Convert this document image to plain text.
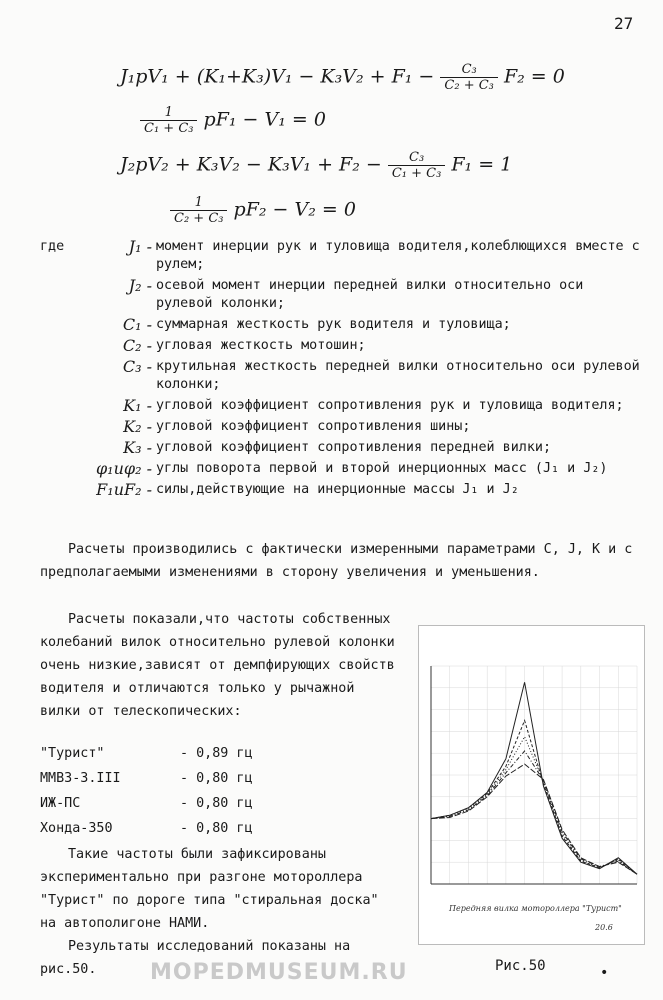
27
$J_1pV_1 + (K_1+K_3)V_1 - K_3V_2 + F_1 - \frac{\text{C₃}}{\text{C₂ + C₃}} F_2 = 0$
$\frac{1}{\text{C₁ + C₃}} pF_1 - V_1 = 0$
$J_2pV_2 + K_3V_2 - K_3V_1 + F_2 - \frac{\text{C₃}}{\text{C₁ + C₃}} F_1 = 1$
$\frac{1}{\text{C₂ + C₃}} pF_2 - V_2 = 0$
где	J₁ - момент инерции рук и туловища водителя,колеблющихся вместе с рулем;
J₂ - осевой момент инерции передней вилки относительно оси рулевой колонки;
C₁ - суммарная жесткость рук водителя и туловища;
C₂ - угловая жесткость мотошин;
C₃ - крутильная жесткость передней вилки относительно оси рулевой колонки;
K₁ - угловой коэффициент сопротивления рук и туловища водителя;
K₂ - угловой коэффициент сопротивления шины;
K₃ - угловой коэффициент сопротивления передней вилки;
φ₁иφ₂ - углы поворота первой и второй инерционных масс (J₁ и J₂)
F₁иF₂ - силы,действующие на инерционные массы J₁ и J₂
Расчеты производились с фактически измеренными параметрами C, J, K и с предполагаемыми изменениями в сторону увеличения и уменьшения.
Расчеты показали,что частоты собственных колебаний вилок относительно рулевой колонки очень низкие,зависят от демпфирующих свойств водителя и отличаются только у рычажной вилки от телескопических:
"Турист"	- 0,89 гц
ММВЗ-3.III	- 0,80 гц
ИЖ-ПС	- 0,80 гц
Хонда-350	- 0,80 гц
Такие частоты были зафиксированы экспериментально при разгоне мотороллера "Турист" по дороге типа "стиральная доска" на автополигоне НАМИ.
Результаты исследований показаны на рис.50.
Передняя вилка мотороллера "Турист"
20.6
Рис.50	•
MOPEDMUSEUM.RU
